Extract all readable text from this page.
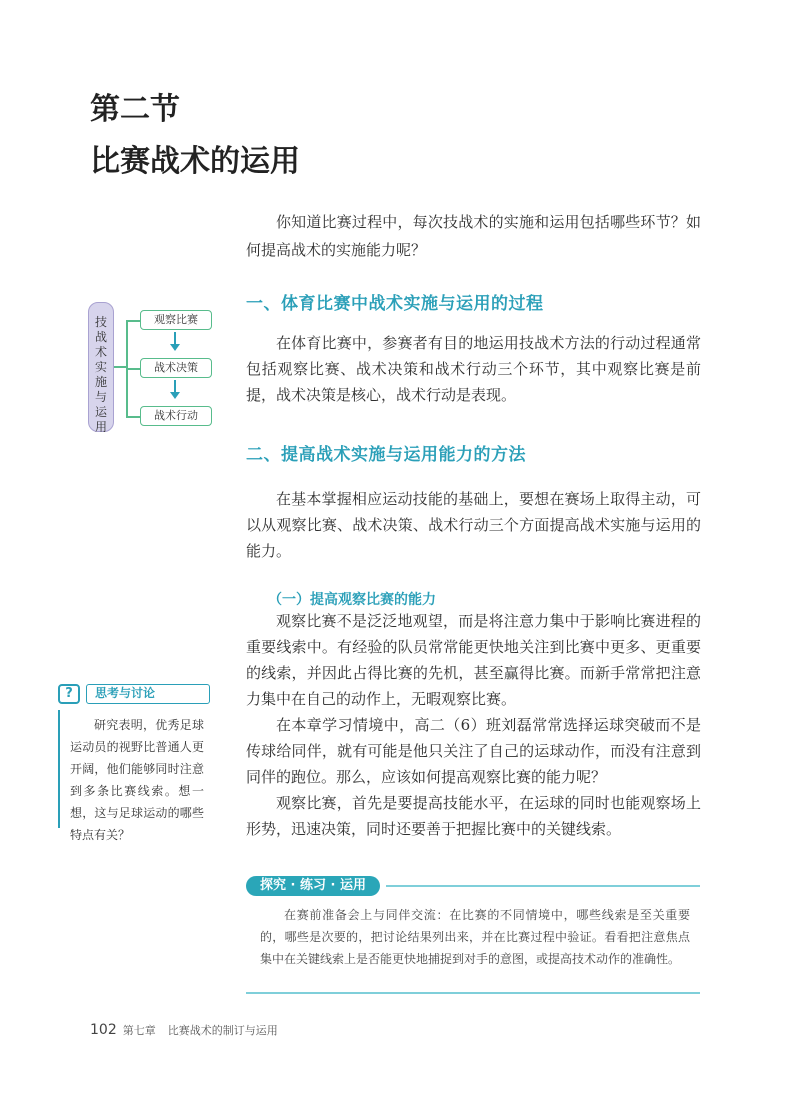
第二节
比赛战术的运用

你知道比赛过程中，每次技战术的实施和运用包括哪些环节？如何提高战术的实施能力呢？

技
战
术
实
施
与
运
用
观察比赛
战术决策
战术行动
一、体育比赛中战术实施与运用的过程

在体育比赛中，参赛者有目的地运用技战术方法的行动过程通常包括观察比赛、战术决策和战术行动三个环节，其中观察比赛是前提，战术决策是核心，战术行动是表现。

二、提高战术实施与运用能力的方法

在基本掌握相应运动技能的基础上，要想在赛场上取得主动，可以从观察比赛、战术决策、战术行动三个方面提高战术实施与运用的能力。

（一）提高观察比赛的能力

观察比赛不是泛泛地观望，而是将注意力集中于影响比赛进程的重要线索中。有经验的队员常常能更快地关注到比赛中更多、更重要的线索，并因此占得比赛的先机，甚至赢得比赛。而新手常常把注意力集中在自己的动作上，无暇观察比赛。

在本章学习情境中，高二（6）班刘磊常常选择运球突破而不是传球给同伴，就有可能是他只关注了自己的运球动作，而没有注意到同伴的跑位。那么，应该如何提高观察比赛的能力呢？

观察比赛，首先是要提高技能水平，在运球的同时也能观察场上形势，迅速决策，同时还要善于把握比赛中的关键线索。

?	思考与讨论
研究表明，优秀足球运动员的视野比普通人更开阔，他们能够同时注意到多条比赛线索。想一想，这与足球运动的哪些特点有关？
探究 · 练习 · 运用

在赛前准备会上与同伴交流：在比赛的不同情境中，哪些线索是至关重要的，哪些是次要的，把讨论结果列出来，并在比赛过程中验证。看看把注意焦点集中在关键线索上是否能更快地捕捉到对手的意图，或提高技术动作的准确性。

102 第七章 比赛战术的制订与运用
